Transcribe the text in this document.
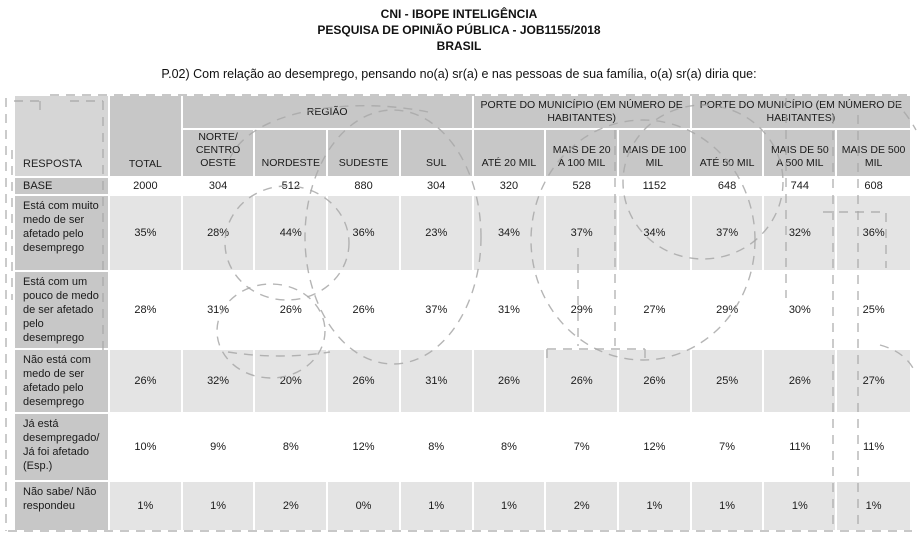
CNI - IBOPE INTELIGÊNCIA
PESQUISA DE OPINIÃO PÚBLICA - JOB1155/2018
BRASIL
P.02) Com relação ao desemprego, pensando no(a) sr(a) e nas pessoas de sua família, o(a) sr(a) diria que:
RESPOSTA	TOTAL	REGIÃO				PORTE DO MUNICÍPIO (EM NÚMERO DE HABITANTES)			PORTE DO MUNICÍPIO (EM NÚMERO DE HABITANTES)		
		NORTE/ CENTRO OESTE	NORDESTE	SUDESTE	SUL	ATÉ 20 MIL	MAIS DE 20 A 100 MIL	MAIS DE 100 MIL	ATÉ 50 MIL	MAIS DE 50 A 500 MIL	MAIS DE 500 MIL
BASE	2000	304	512	880	304	320	528	1152	648	744	608
Está com muito medo de ser afetado pelo desemprego	35%	28%	44%	36%	23%	34%	37%	34%	37%	32%	36%
Está com um pouco de medo de ser afetado pelo desemprego	28%	31%	26%	26%	37%	31%	29%	27%	29%	30%	25%
Não está com medo de ser afetado pelo desemprego	26%	32%	20%	26%	31%	26%	26%	26%	25%	26%	27%
Já está desempregado/ Já foi afetado (Esp.)	10%	9%	8%	12%	8%	8%	7%	12%	7%	11%	11%
Não sabe/ Não respondeu	1%	1%	2%	0%	1%	1%	2%	1%	1%	1%	1%
